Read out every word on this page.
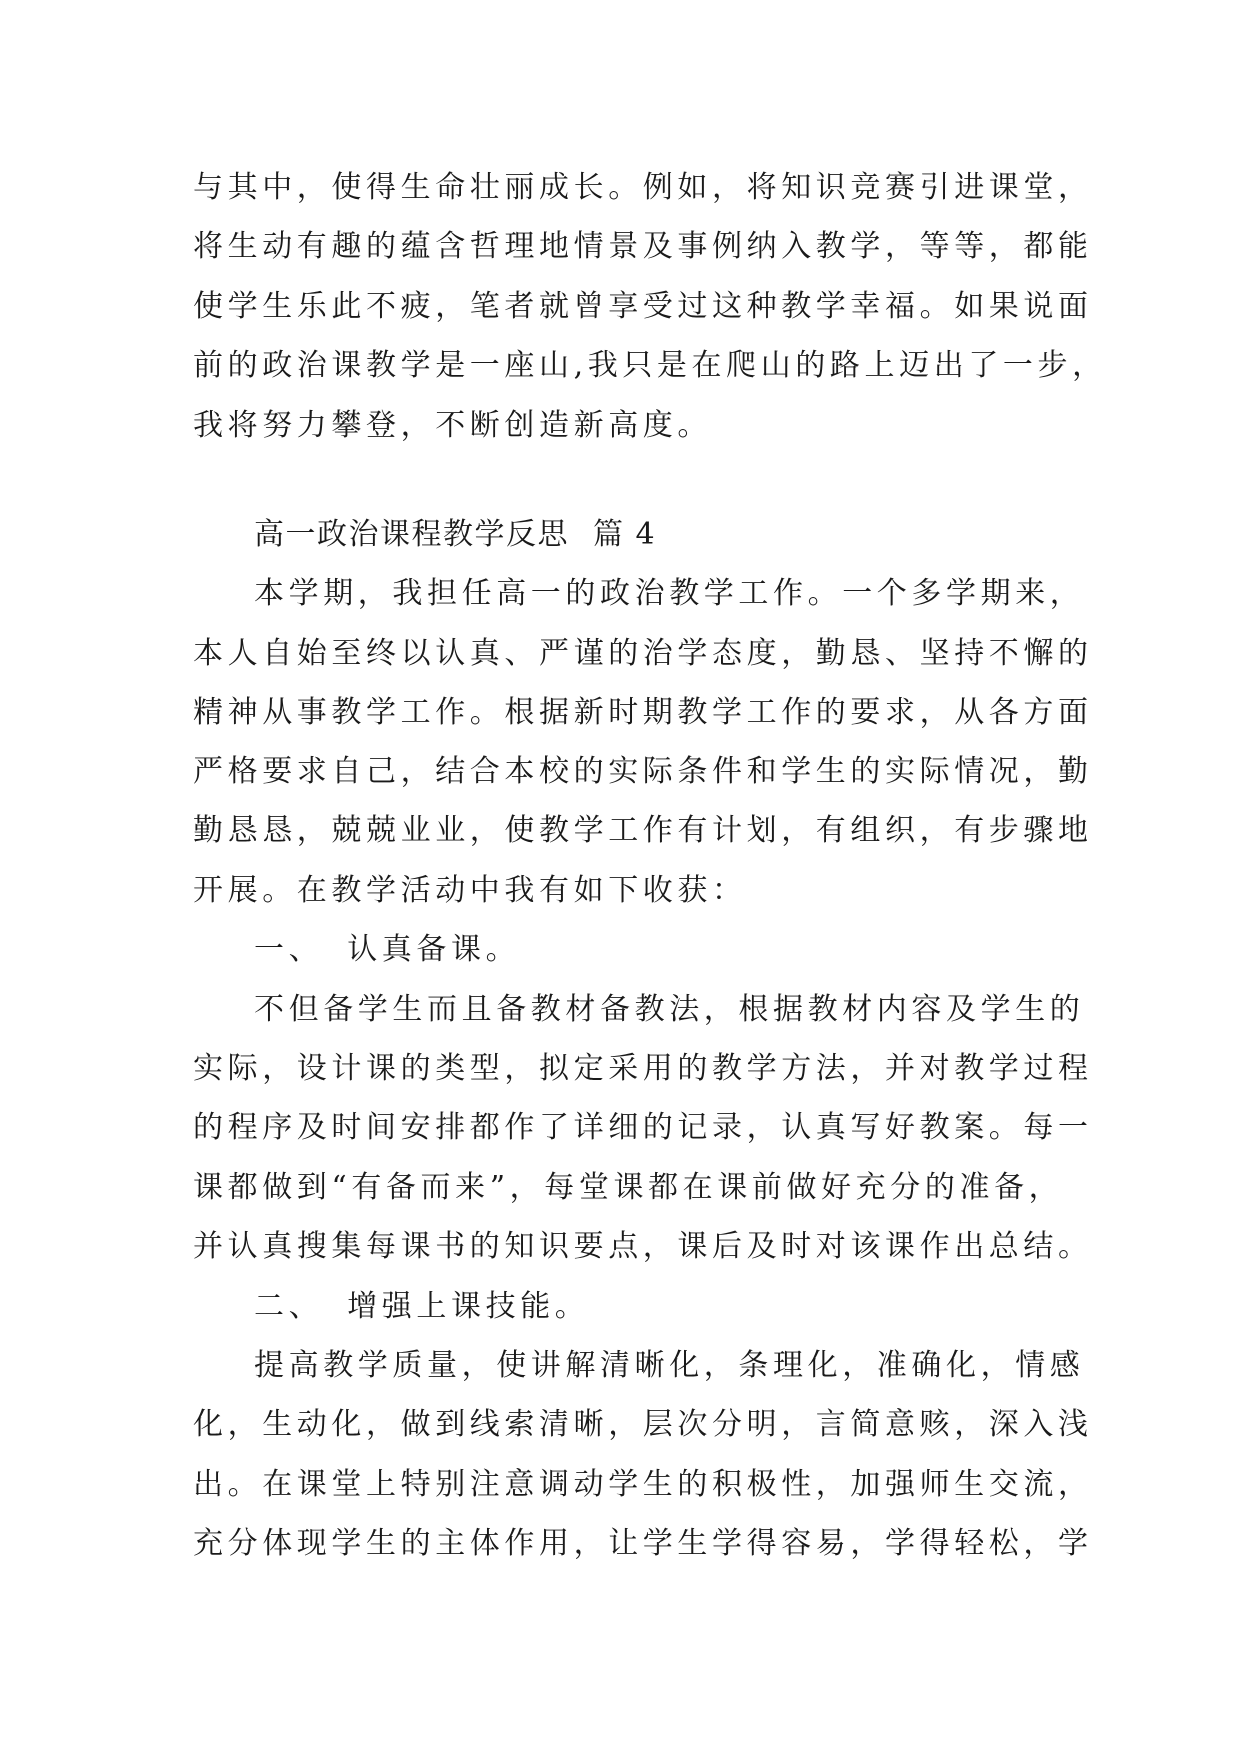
与其中，使得生命壮丽成长。例如，将知识竞赛引进课堂，
将生动有趣的蕴含哲理地情景及事例纳入教学，等等，都能
使学生乐此不疲，笔者就曾享受过这种教学幸福。如果说面
前的政治课教学是一座山,我只是在爬山的路上迈出了一步，
我将努力攀登，不断创造新高度。
高一政治课程教学反思 篇 4
本学期，我担任高一的政治教学工作。一个多学期来，
本人自始至终以认真、严谨的治学态度，勤恳、坚持不懈的
精神从事教学工作。根据新时期教学工作的要求，从各方面
严格要求自己，结合本校的实际条件和学生的实际情况，勤
勤恳恳，兢兢业业，使教学工作有计划，有组织，有步骤地
开展。在教学活动中我有如下收获：
一、 认真备课。
不但备学生而且备教材备教法，根据教材内容及学生的
实际，设计课的类型，拟定采用的教学方法，并对教学过程
的程序及时间安排都作了详细的记录，认真写好教案。每一
课都做到“有备而来”，每堂课都在课前做好充分的准备，
并认真搜集每课书的知识要点，课后及时对该课作出总结。
二、 增强上课技能。
提高教学质量，使讲解清晰化，条理化，准确化，情感
化，生动化，做到线索清晰，层次分明，言简意赅，深入浅
出。在课堂上特别注意调动学生的积极性，加强师生交流，
充分体现学生的主体作用，让学生学得容易，学得轻松，学
